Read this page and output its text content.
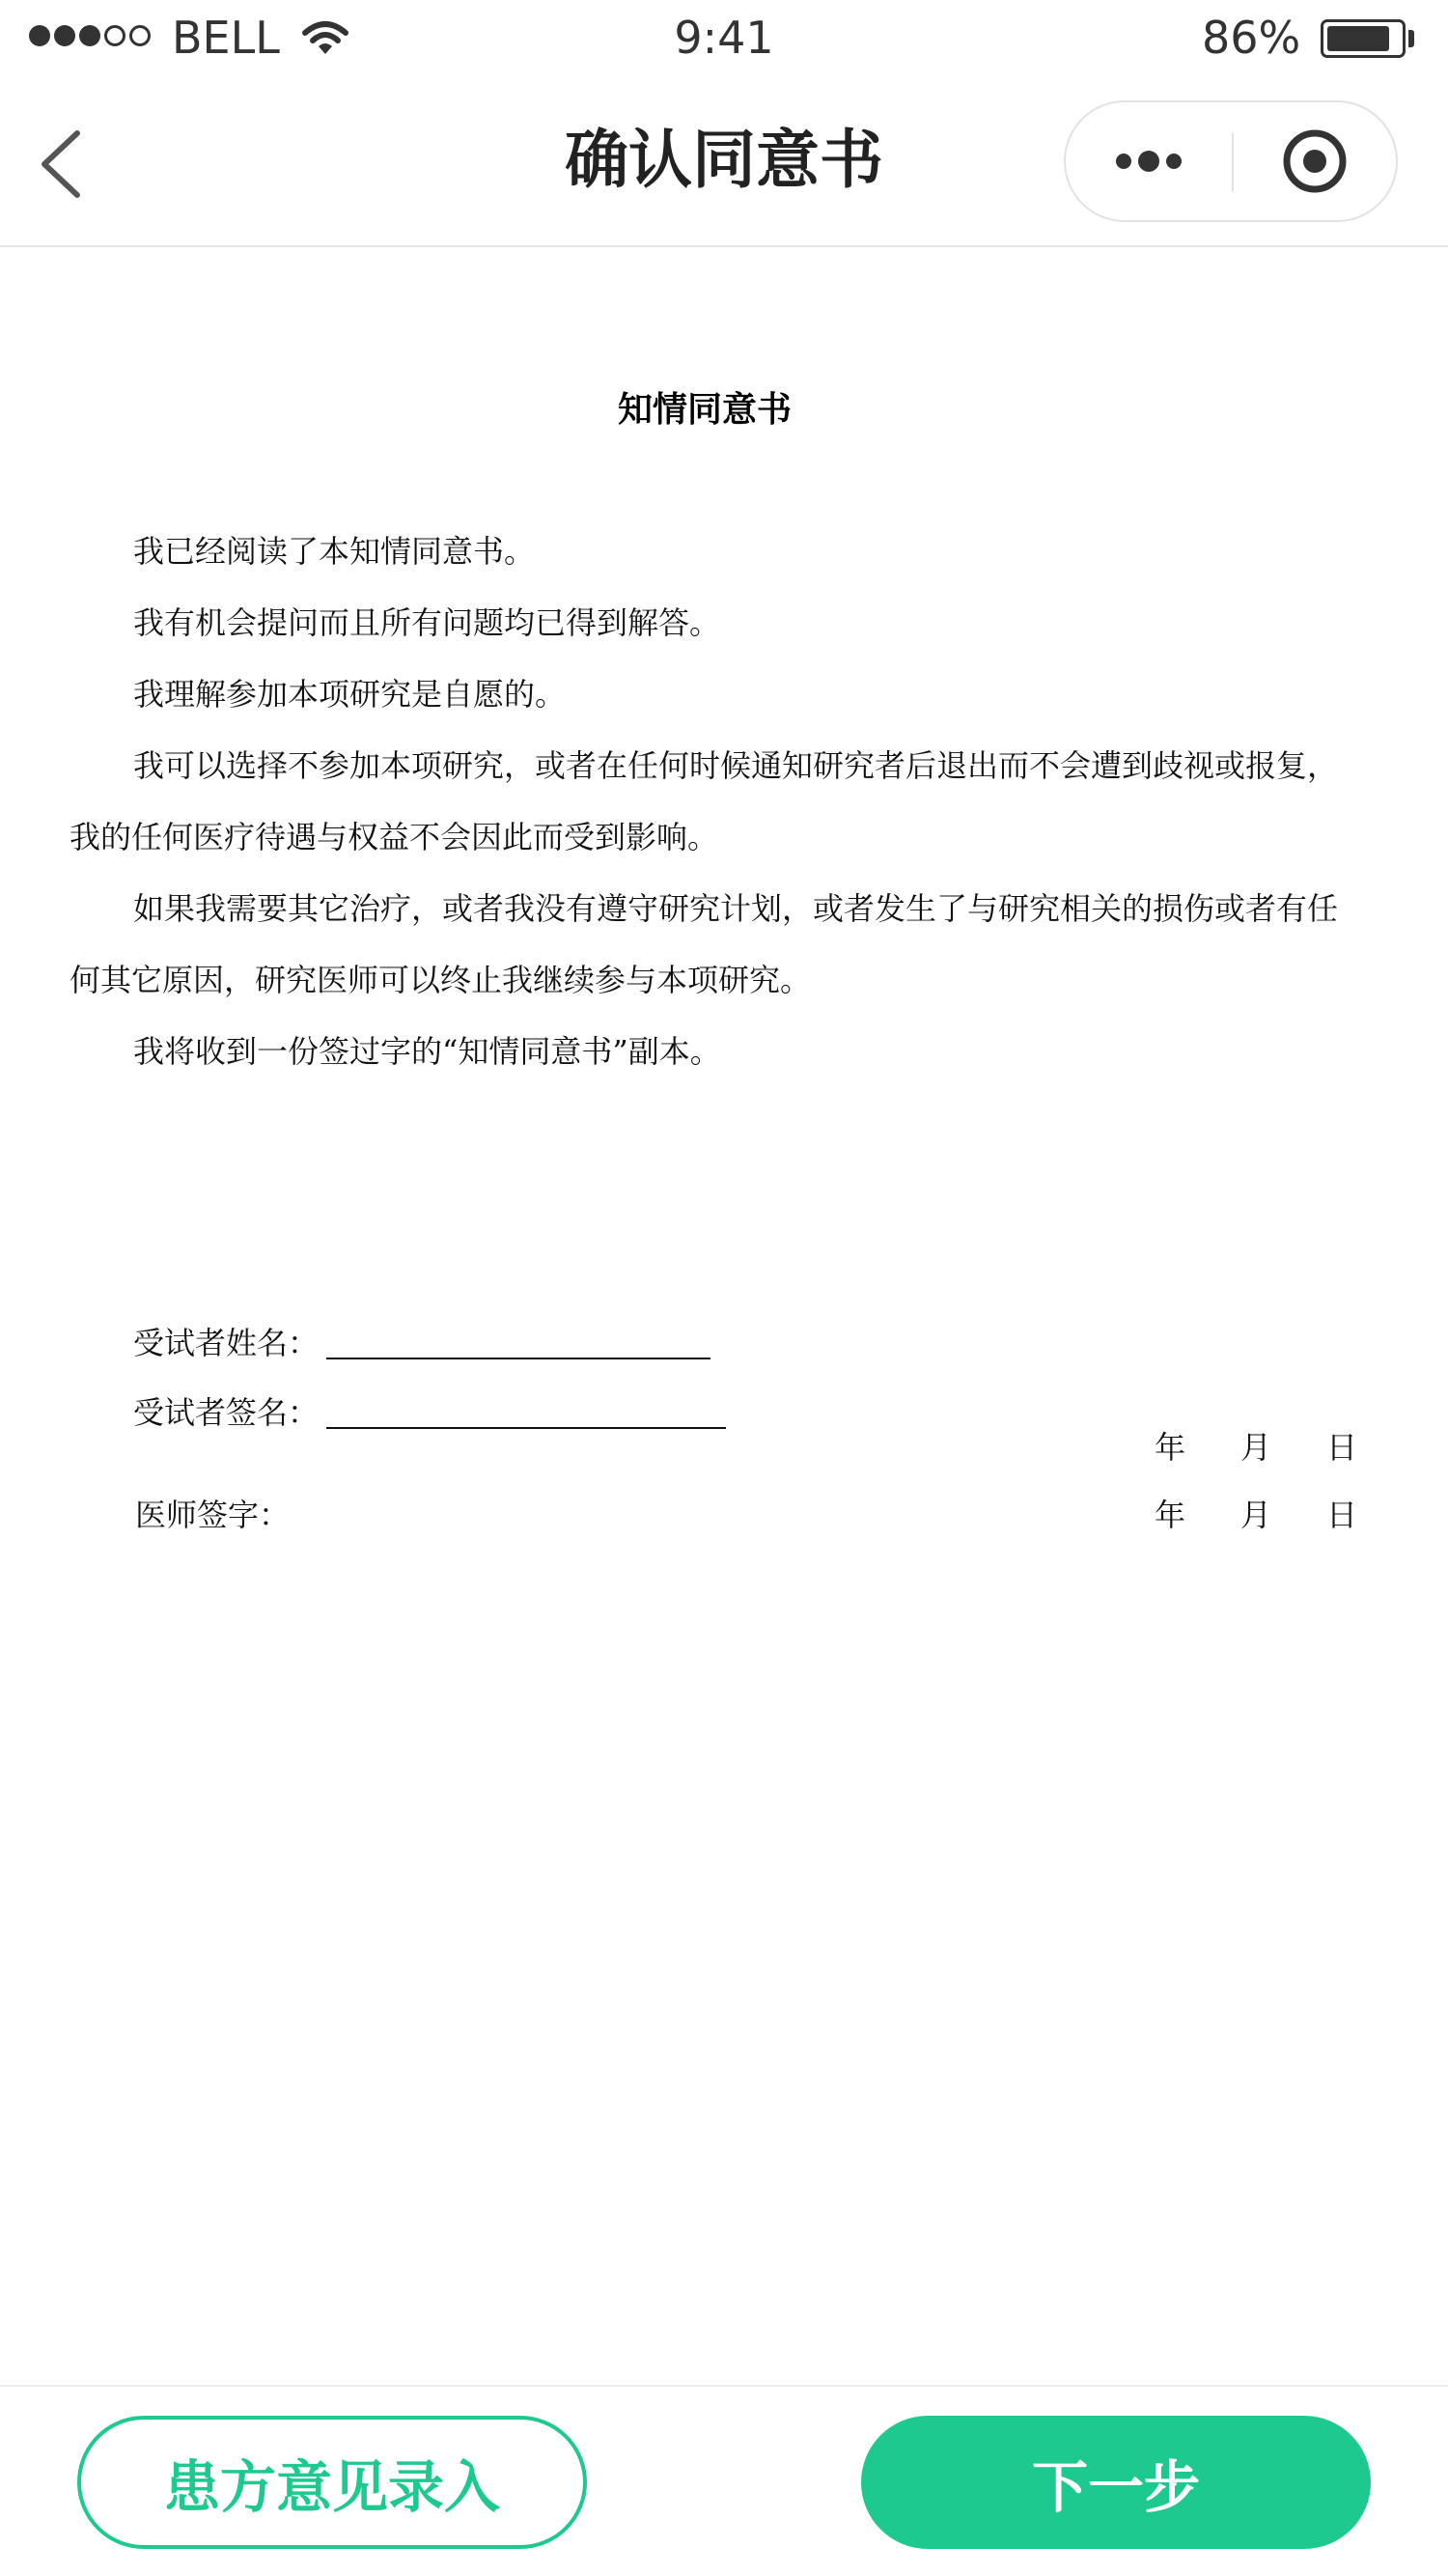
BELL	9:41	86%
确认同意书
知情同意书

我已经阅读了本知情同意书。

我有机会提问而且所有问题均已得到解答。

我理解参加本项研究是自愿的。

我可以选择不参加本项研究，或者在任何时候通知研究者后退出而不会遭到歧视或报复，我的任何医疗待遇与权益不会因此而受到影响。

如果我需要其它治疗，或者我没有遵守研究计划，或者发生了与研究相关的损伤或者有任何其它原因，研究医师可以终止我继续参与本项研究。

我将收到一份签过字的“知情同意书”副本。

受试者姓名：
受试者签名：
年 月 日
医师签字：	年 月 日
患方意见录入	下一步
